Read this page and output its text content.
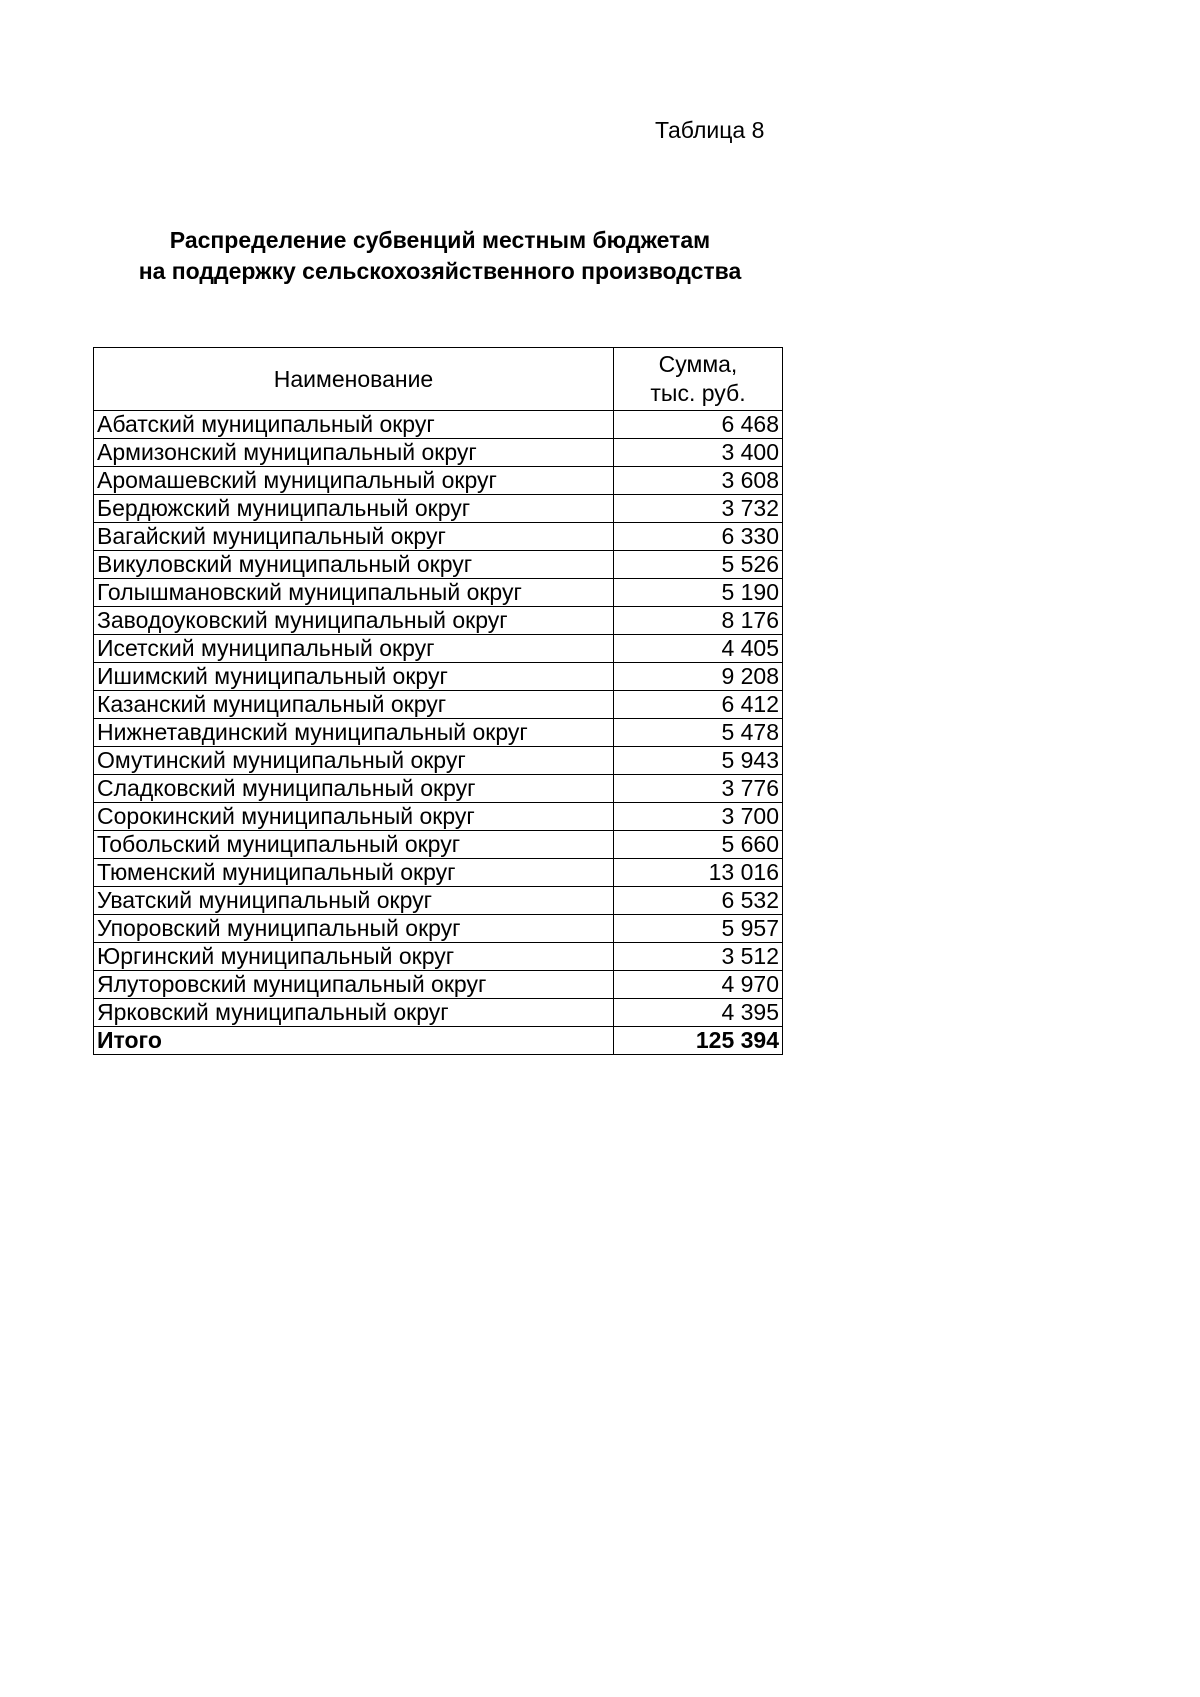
Таблица 8
Распределение субвенций местным бюджетам
на поддержку сельскохозяйственного производства
Наименование	Сумма,
тыс. руб.

Абатский муниципальный округ	6 468
Армизонский муниципальный округ	3 400
Аромашевский муниципальный округ	3 608
Бердюжский муниципальный округ	3 732
Вагайский муниципальный округ	6 330
Викуловский муниципальный округ	5 526
Голышмановский муниципальный округ	5 190
Заводоуковский муниципальный округ	8 176
Исетский муниципальный округ	4 405
Ишимский муниципальный округ	9 208
Казанский муниципальный округ	6 412
Нижнетавдинский муниципальный округ	5 478
Омутинский муниципальный округ	5 943
Сладковский муниципальный округ	3 776
Сорокинский муниципальный округ	3 700
Тобольский муниципальный округ	5 660
Тюменский муниципальный округ	13 016
Уватский муниципальный округ	6 532
Упоровский муниципальный округ	5 957
Юргинский муниципальный округ	3 512
Ялуторовский муниципальный округ	4 970
Ярковский муниципальный округ	4 395
Итого	125 394
